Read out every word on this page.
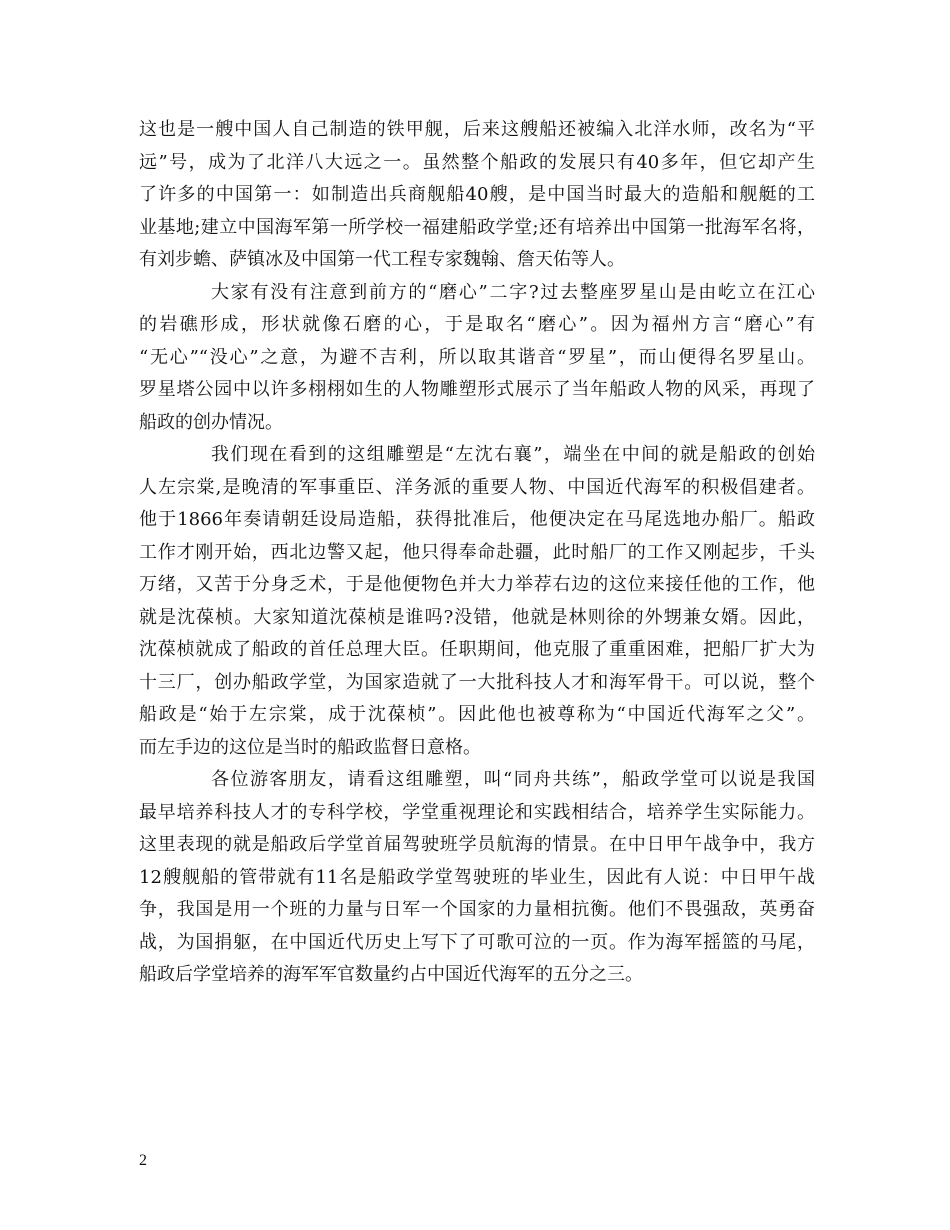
这也是一艘中国人自己制造的铁甲舰，后来这艘船还被编入北洋水师，改名为“平
远”号，成为了北洋八大远之一。虽然整个船政的发展只有40多年，但它却产生
了许多的中国第一：如制造出兵商舰船40艘，是中国当时最大的造船和舰艇的工
业基地;建立中国海军第一所学校一福建船政学堂;还有培养出中国第一批海军名将，
有刘步蟾、萨镇冰及中国第一代工程专家魏翰、詹天佑等人。
大家有没有注意到前方的“磨心”二字?过去整座罗星山是由屹立在江心
的岩礁形成，形状就像石磨的心，于是取名“磨心”。因为福州方言“磨心”有
“无心”“没心”之意，为避不吉利，所以取其谐音“罗星”，而山便得名罗星山。
罗星塔公园中以许多栩栩如生的人物雕塑形式展示了当年船政人物的风采，再现了
船政的创办情况。
我们现在看到的这组雕塑是“左沈右襄”，端坐在中间的就是船政的创始
人左宗棠,是晚清的军事重臣、洋务派的重要人物、中国近代海军的积极倡建者。
他于1866年奏请朝廷设局造船，获得批准后，他便决定在马尾选地办船厂。船政
工作才刚开始，西北边警又起，他只得奉命赴疆，此时船厂的工作又刚起步，千头
万绪，又苦于分身乏术，于是他便物色并大力举荐右边的这位来接任他的工作，他
就是沈葆桢。大家知道沈葆桢是谁吗?没错，他就是林则徐的外甥兼女婿。因此，
沈葆桢就成了船政的首任总理大臣。任职期间，他克服了重重困难，把船厂扩大为
十三厂，创办船政学堂，为国家造就了一大批科技人才和海军骨干。可以说，整个
船政是“始于左宗棠，成于沈葆桢”。因此他也被尊称为“中国近代海军之父”。
而左手边的这位是当时的船政监督日意格。
各位游客朋友，请看这组雕塑，叫“同舟共练”，船政学堂可以说是我国
最早培养科技人才的专科学校，学堂重视理论和实践相结合，培养学生实际能力。
这里表现的就是船政后学堂首届驾驶班学员航海的情景。在中日甲午战争中，我方
12艘舰船的管带就有11名是船政学堂驾驶班的毕业生，因此有人说：中日甲午战
争，我国是用一个班的力量与日军一个国家的力量相抗衡。他们不畏强敌，英勇奋
战，为国捐躯，在中国近代历史上写下了可歌可泣的一页。作为海军摇篮的马尾，
船政后学堂培养的海军军官数量约占中国近代海军的五分之三。
2
